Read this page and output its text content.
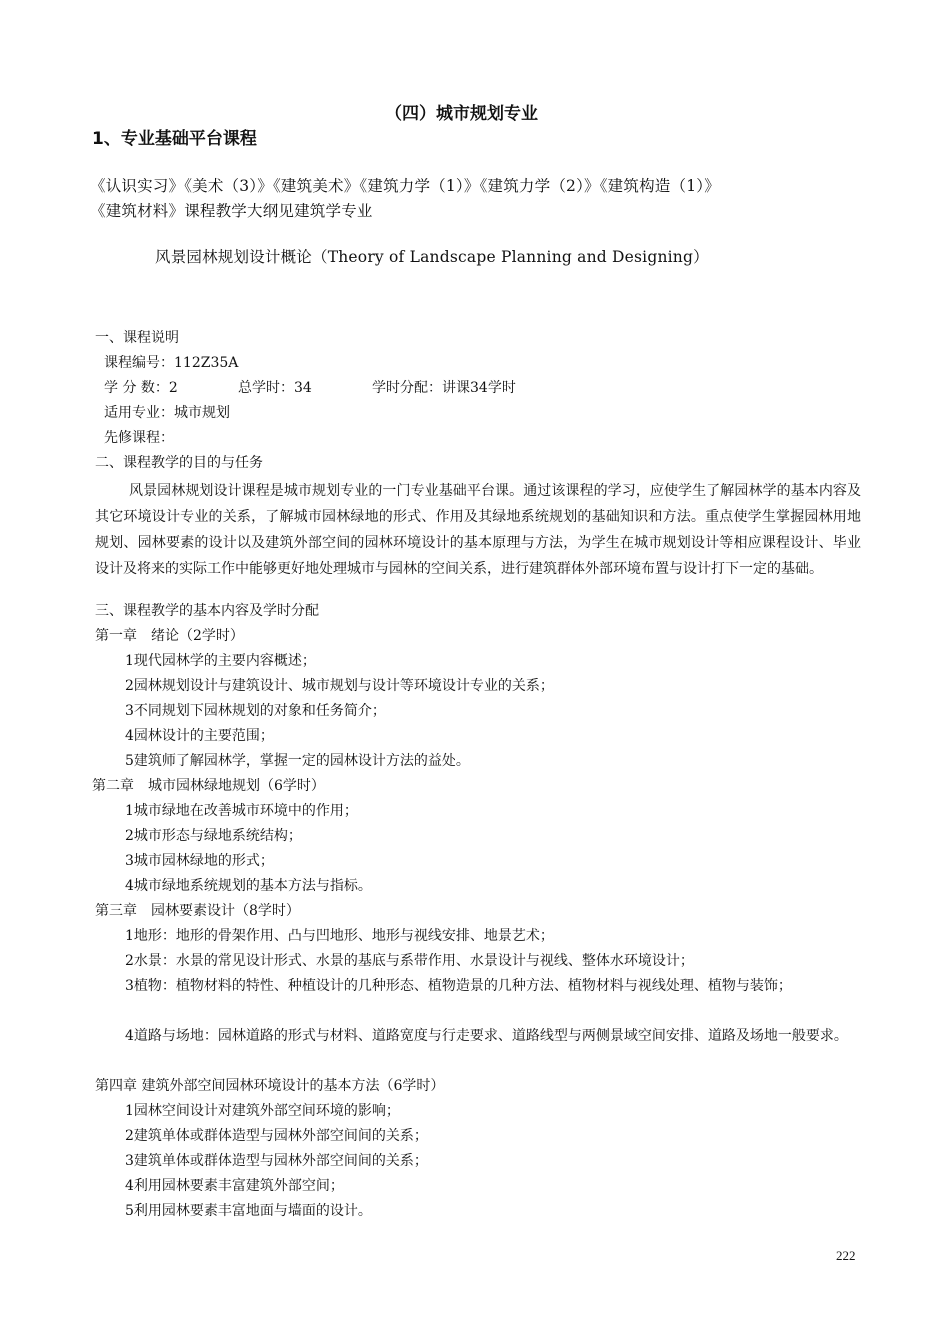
（四）城市规划专业
1、专业基础平台课程
《认识实习》《美术（3）》《建筑美术》《建筑力学（1）》《建筑力学（2）》《建筑构造（1）》
《建筑材料》课程教学大纲见建筑学专业
风景园林规划设计概论（Theory of Landscape Planning and Designing）
一、课程说明
课程编号：112Z35A
学 分 数：2	总学时：34	学时分配：讲课34学时
适用专业：城市规划
先修课程：
二、课程教学的目的与任务
风景园林规划设计课程是城市规划专业的一门专业基础平台课。通过该课程的学习，应使学生了解园林学的基本内容及其它环境设计专业的关系，了解城市园林绿地的形式、作用及其绿地系统规划的基础知识和方法。重点使学生掌握园林用地规划、园林要素的设计以及建筑外部空间的园林环境设计的基本原理与方法，为学生在城市规划设计等相应课程设计、毕业设计及将来的实际工作中能够更好地处理城市与园林的空间关系，进行建筑群体外部环境布置与设计打下一定的基础。
三、课程教学的基本内容及学时分配
第一章　绪论（2学时）
1现代园林学的主要内容概述；
2园林规划设计与建筑设计、城市规划与设计等环境设计专业的关系；
3不同规划下园林规划的对象和任务简介；
4园林设计的主要范围；
5建筑师了解园林学，掌握一定的园林设计方法的益处。
第二章　城市园林绿地规划（6学时）
1城市绿地在改善城市环境中的作用；
2城市形态与绿地系统结构；
3城市园林绿地的形式；
4城市绿地系统规划的基本方法与指标。
第三章　园林要素设计（8学时）
1地形：地形的骨架作用、凸与凹地形、地形与视线安排、地景艺术；
2水景：水景的常见设计形式、水景的基底与系带作用、水景设计与视线、整体水环境设计；
3植物：植物材料的特性、种植设计的几种形态、植物造景的几种方法、植物材料与视线处理、植物与装饰；
4道路与场地：园林道路的形式与材料、道路宽度与行走要求、道路线型与两侧景域空间安排、道路及场地一般要求。
第四章 建筑外部空间园林环境设计的基本方法（6学时）
1园林空间设计对建筑外部空间环境的影响；
2建筑单体或群体造型与园林外部空间间的关系；
3建筑单体或群体造型与园林外部空间间的关系；
4利用园林要素丰富建筑外部空间；
5利用园林要素丰富地面与墙面的设计。
222
